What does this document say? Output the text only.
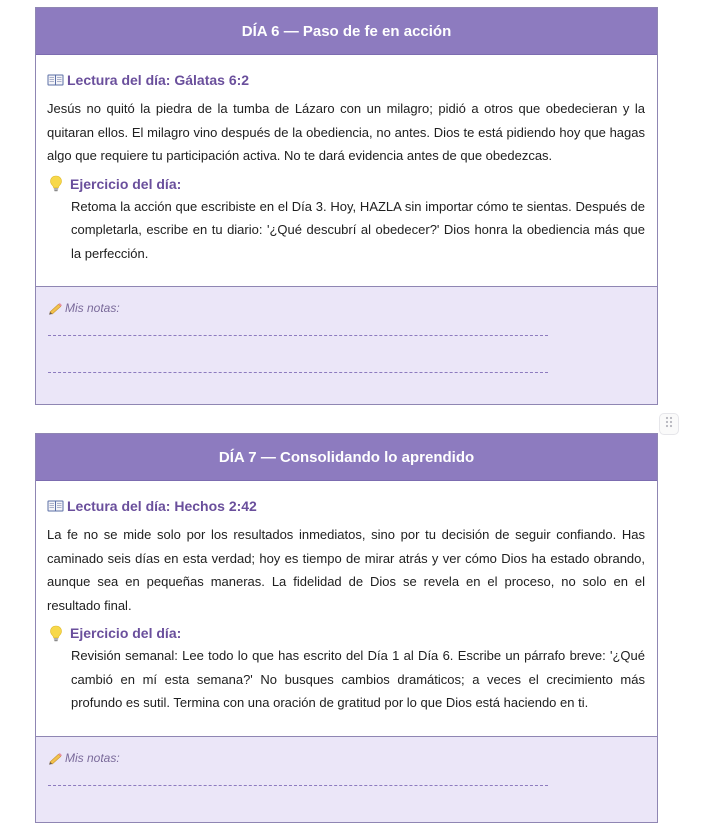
DÍA 6 — Paso de fe en acción
Lectura del día: Gálatas 6:2

Jesús no quitó la piedra de la tumba de Lázaro con un milagro; pidió a otros que obedecieran y la quitaran ellos. El milagro vino después de la obediencia, no antes. Dios te está pidiendo hoy que hagas algo que requiere tu participación activa. No te dará evidencia antes de que obedezcas.

Ejercicio del día:

Retoma la acción que escribiste en el Día 3. Hoy, HAZLA sin importar cómo te sientas. Después de completarla, escribe en tu diario: '¿Qué descubrí al obedecer?' Dios honra la obediencia más que la perfección.

Mis notas:
DÍA 7 — Consolidando lo aprendido
Lectura del día: Hechos 2:42

La fe no se mide solo por los resultados inmediatos, sino por tu decisión de seguir confiando. Has caminado seis días en esta verdad; hoy es tiempo de mirar atrás y ver cómo Dios ha estado obrando, aunque sea en pequeñas maneras. La fidelidad de Dios se revela en el proceso, no solo en el resultado final.

Ejercicio del día:

Revisión semanal: Lee todo lo que has escrito del Día 1 al Día 6. Escribe un párrafo breve: '¿Qué cambió en mí esta semana?' No busques cambios dramáticos; a veces el crecimiento más profundo es sutil. Termina con una oración de gratitud por lo que Dios está haciendo en ti.

Mis notas:
